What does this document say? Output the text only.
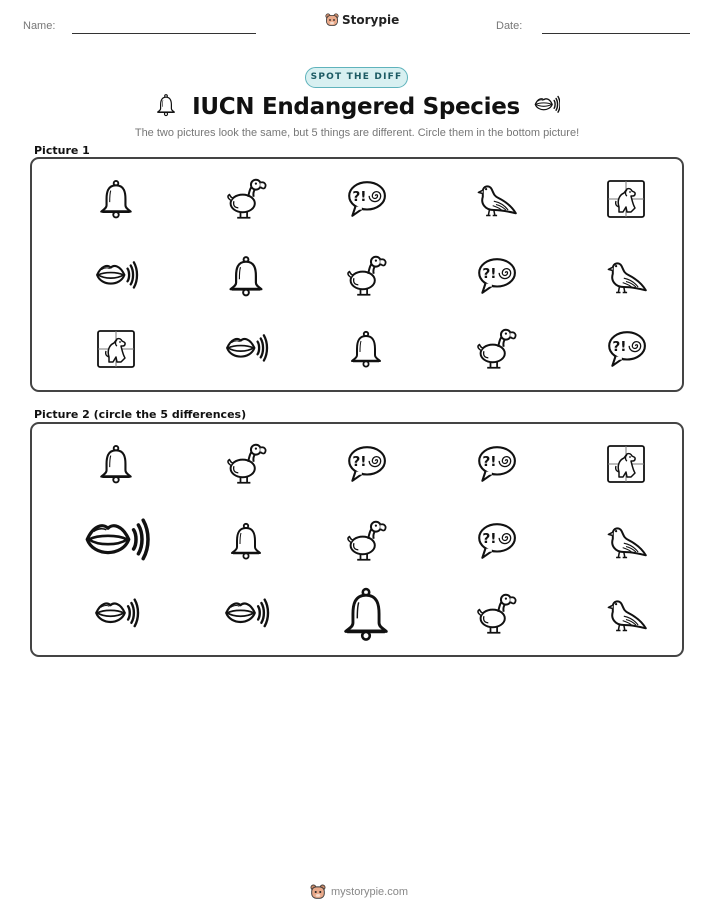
Name:	Storypie	Date:
SPOT THE DIFF
IUCN Endangered Species
The two pictures look the same, but 5 things are different. Circle them in the bottom picture!
Picture 1
?!
?!
?!
Picture 2 (circle the 5 differences)
?!	?!
?!
mystorypie.com
